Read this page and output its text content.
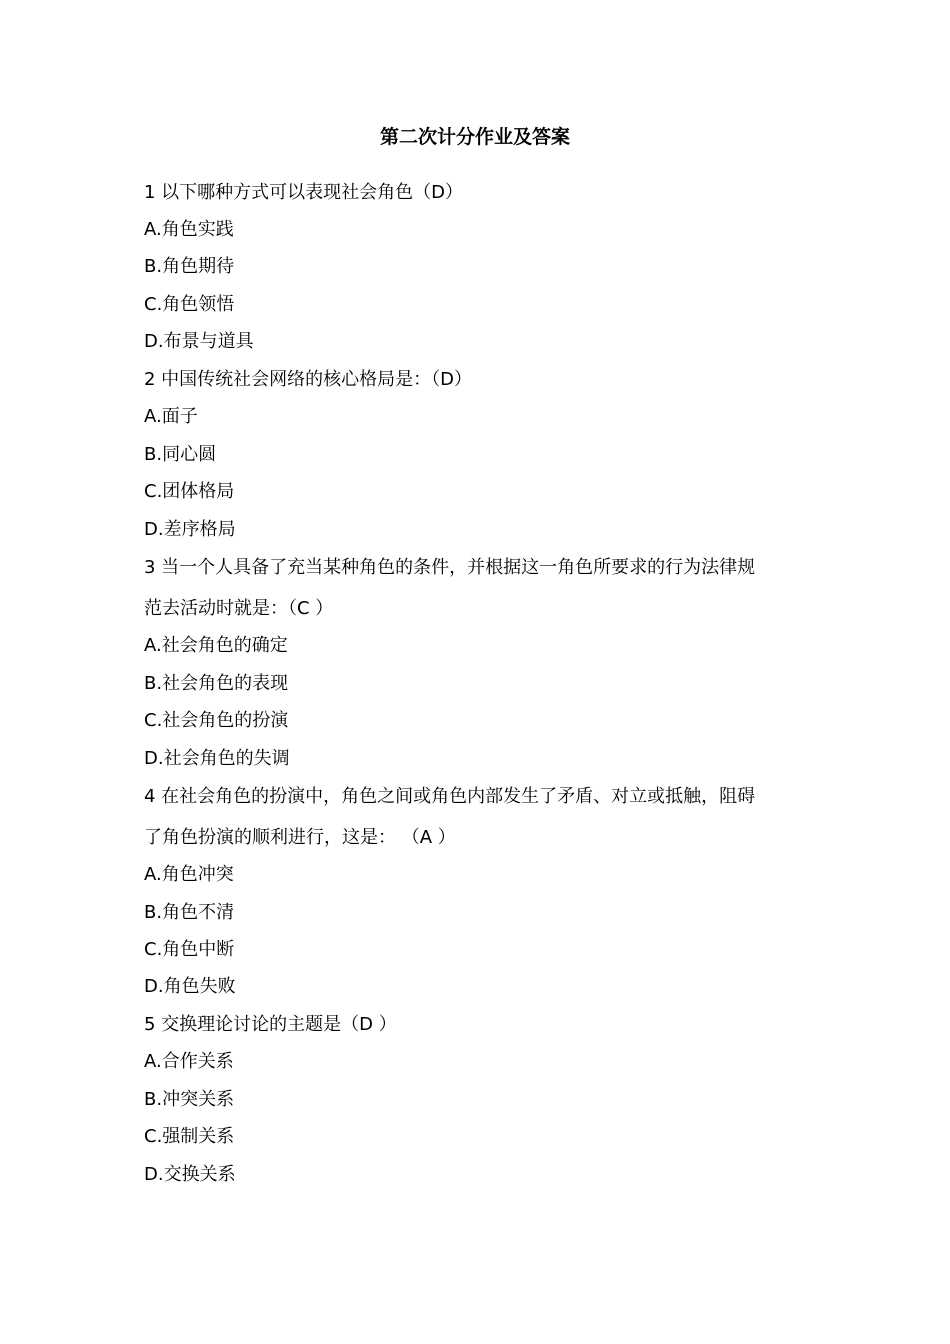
第二次计分作业及答案
1 以下哪种方式可以表现社会角色（D）
A.角色实践
B.角色期待
C.角色领悟
D.布景与道具
2 中国传统社会网络的核心格局是：（D）
A.面子
B.同心圆
C.团体格局
D.差序格局
3 当一个人具备了充当某种角色的条件，并根据这一角色所要求的行为法律规
范去活动时就是：（C ）
A.社会角色的确定
B.社会角色的表现
C.社会角色的扮演
D.社会角色的失调
4 在社会角色的扮演中，角色之间或角色内部发生了矛盾、对立或抵触，阻碍
了角色扮演的顺利进行，这是： （A ）
A.角色冲突
B.角色不清
C.角色中断
D.角色失败
5 交换理论讨论的主题是（D ）
A.合作关系
B.冲突关系
C.强制关系
D.交换关系
